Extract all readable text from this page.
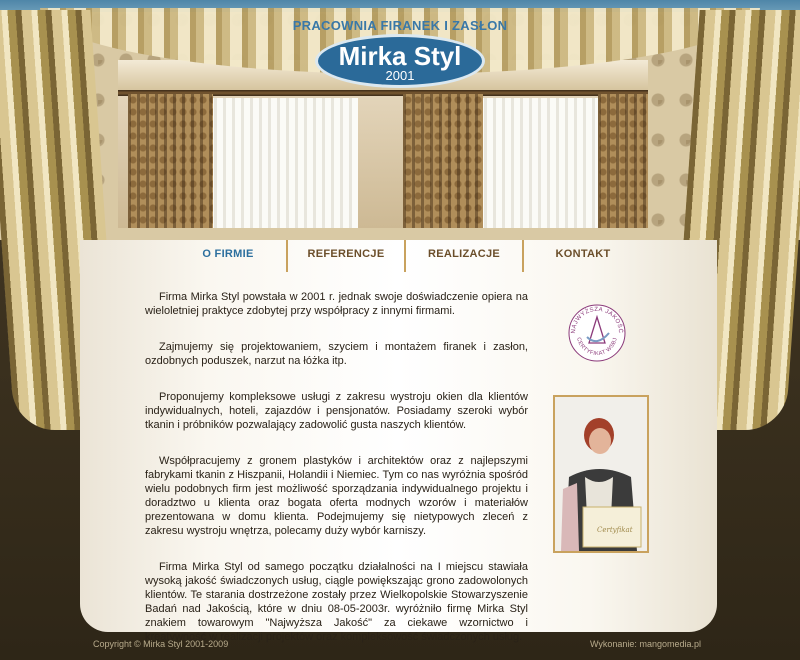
PRACOWNIA FIRANEK I ZASŁON
Mirka Styl
2001
O FIRMIE	REFERENCJE	REALIZACJE	KONTAKT

Firma Mirka Styl powstała w 2001 r. jednak swoje doświadczenie opiera na wieloletniej praktyce zdobytej przy współpracy z innymi firmami.

Zajmujemy się projektowaniem, szyciem i montażem firanek i zasłon, ozdobnych poduszek, narzut na łóżka itp.

Proponujemy kompleksowe usługi z zakresu wystroju okien dla klientów indywidualnych, hoteli, zajazdów i pensjonatów. Posiadamy szeroki wybór tkanin i próbników pozwalający zadowolić gusta naszych klientów.

Współpracujemy z gronem plastyków i architektów oraz z najlepszymi fabrykami tkanin z Hiszpanii, Holandii i Niemiec. Tym co nas wyróżnia spośród wielu podobnych firm jest możliwość sporządzania indywidualnego projektu i doradztwo u klienta oraz bogata oferta modnych wzorów i materiałów prezentowana w domu klienta. Podejmujemy się nietypowych zleceń z zakresu wystroju wnętrza, polecamy duży wybór karniszy.

Firma Mirka Styl od samego początku działalności na I miejscu stawiała wysoką jakość świadczonych usług, ciągle powiększając grono zadowolonych klientów. Te starania dostrzeżone zostały przez Wielkopolskie Stowarzyszenie Badań nad Jakością, które w dniu 08-05-2003r. wyróżniło firmę Mirka Styl znakiem towarowym "Najwyższa Jakość" za ciekawe wzornictwo i kreatywność w realizacji projektów oraz kompleksowość świadczonych usług.

NAJWYŻSZA JAKOŚĆ
CERTYFIKAT WSBJ
Certyfikat
Copyright © Mirka Styl 2001-2009	Wykonanie: mangomedia.pl
